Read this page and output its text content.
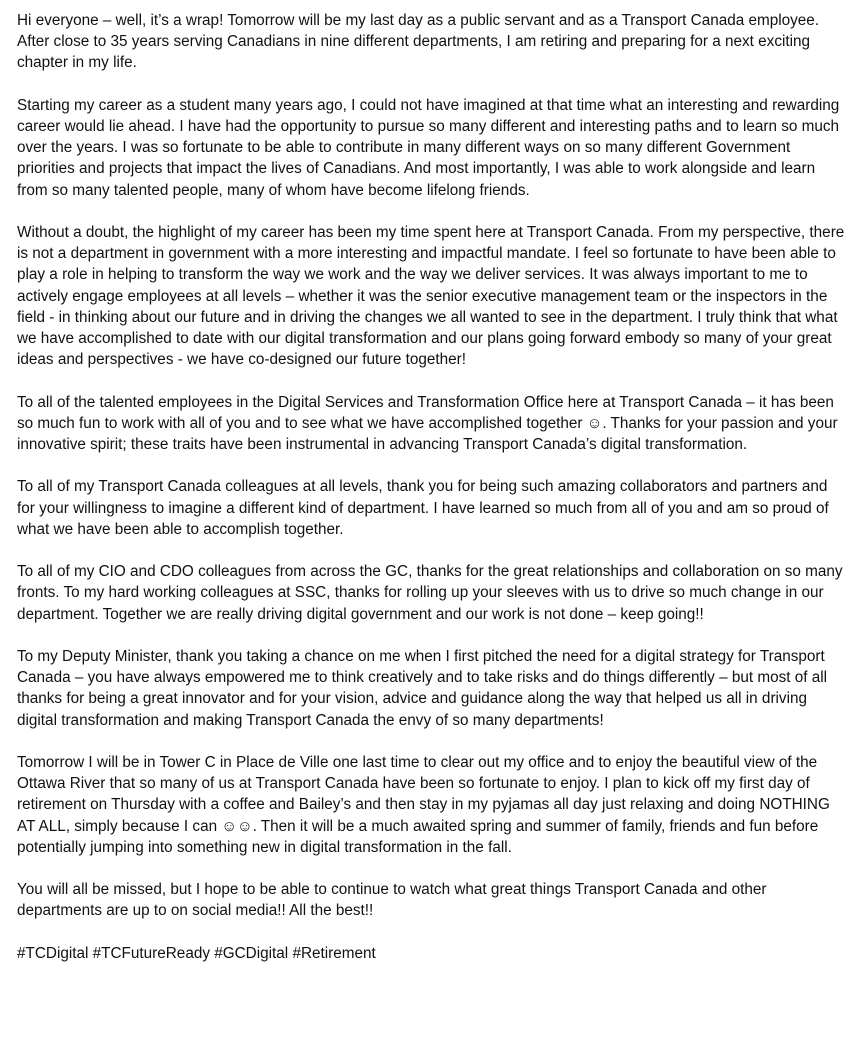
Hi everyone – well, it’s a wrap! Tomorrow will be my last day as a public servant and as a Transport Canada employee. After close to 35 years serving Canadians in nine different departments, I am retiring and preparing for a next exciting chapter in my life.

Starting my career as a student many years ago, I could not have imagined at that time what an interesting and rewarding career would lie ahead. I have had the opportunity to pursue so many different and interesting paths and to learn so much over the years. I was so fortunate to be able to contribute in many different ways on so many different Government priorities and projects that impact the lives of Canadians. And most importantly, I was able to work alongside and learn from so many talented people, many of whom have become lifelong friends.

Without a doubt, the highlight of my career has been my time spent here at Transport Canada. From my perspective, there is not a department in government with a more interesting and impactful mandate. I feel so fortunate to have been able to play a role in helping to transform the way we work and the way we deliver services. It was always important to me to actively engage employees at all levels – whether it was the senior executive management team or the inspectors in the field - in thinking about our future and in driving the changes we all wanted to see in the department. I truly think that what we have accomplished to date with our digital transformation and our plans going forward embody so many of your great ideas and perspectives - we have co-designed our future together!

To all of the talented employees in the Digital Services and Transformation Office here at Transport Canada – it has been so much fun to work with all of you and to see what we have accomplished together ☺. Thanks for your passion and your innovative spirit; these traits have been instrumental in advancing Transport Canada’s digital transformation.

To all of my Transport Canada colleagues at all levels, thank you for being such amazing collaborators and partners and for your willingness to imagine a different kind of department. I have learned so much from all of you and am so proud of what we have been able to accomplish together.

To all of my CIO and CDO colleagues from across the GC, thanks for the great relationships and collaboration on so many fronts. To my hard working colleagues at SSC, thanks for rolling up your sleeves with us to drive so much change in our department. Together we are really driving digital government and our work is not done – keep going!!

To my Deputy Minister, thank you taking a chance on me when I first pitched the need for a digital strategy for Transport Canada – you have always empowered me to think creatively and to take risks and do things differently – but most of all thanks for being a great innovator and for your vision, advice and guidance along the way that helped us all in driving digital transformation and making Transport Canada the envy of so many departments!

Tomorrow I will be in Tower C in Place de Ville one last time to clear out my office and to enjoy the beautiful view of the Ottawa River that so many of us at Transport Canada have been so fortunate to enjoy. I plan to kick off my first day of retirement on Thursday with a coffee and Bailey’s and then stay in my pyjamas all day just relaxing and doing NOTHING AT ALL, simply because I can ☺☺. Then it will be a much awaited spring and summer of family, friends and fun before potentially jumping into something new in digital transformation in the fall.

You will all be missed, but I hope to be able to continue to watch what great things Transport Canada and other departments are up to on social media!! All the best!!

#TCDigital #TCFutureReady #GCDigital #Retirement
